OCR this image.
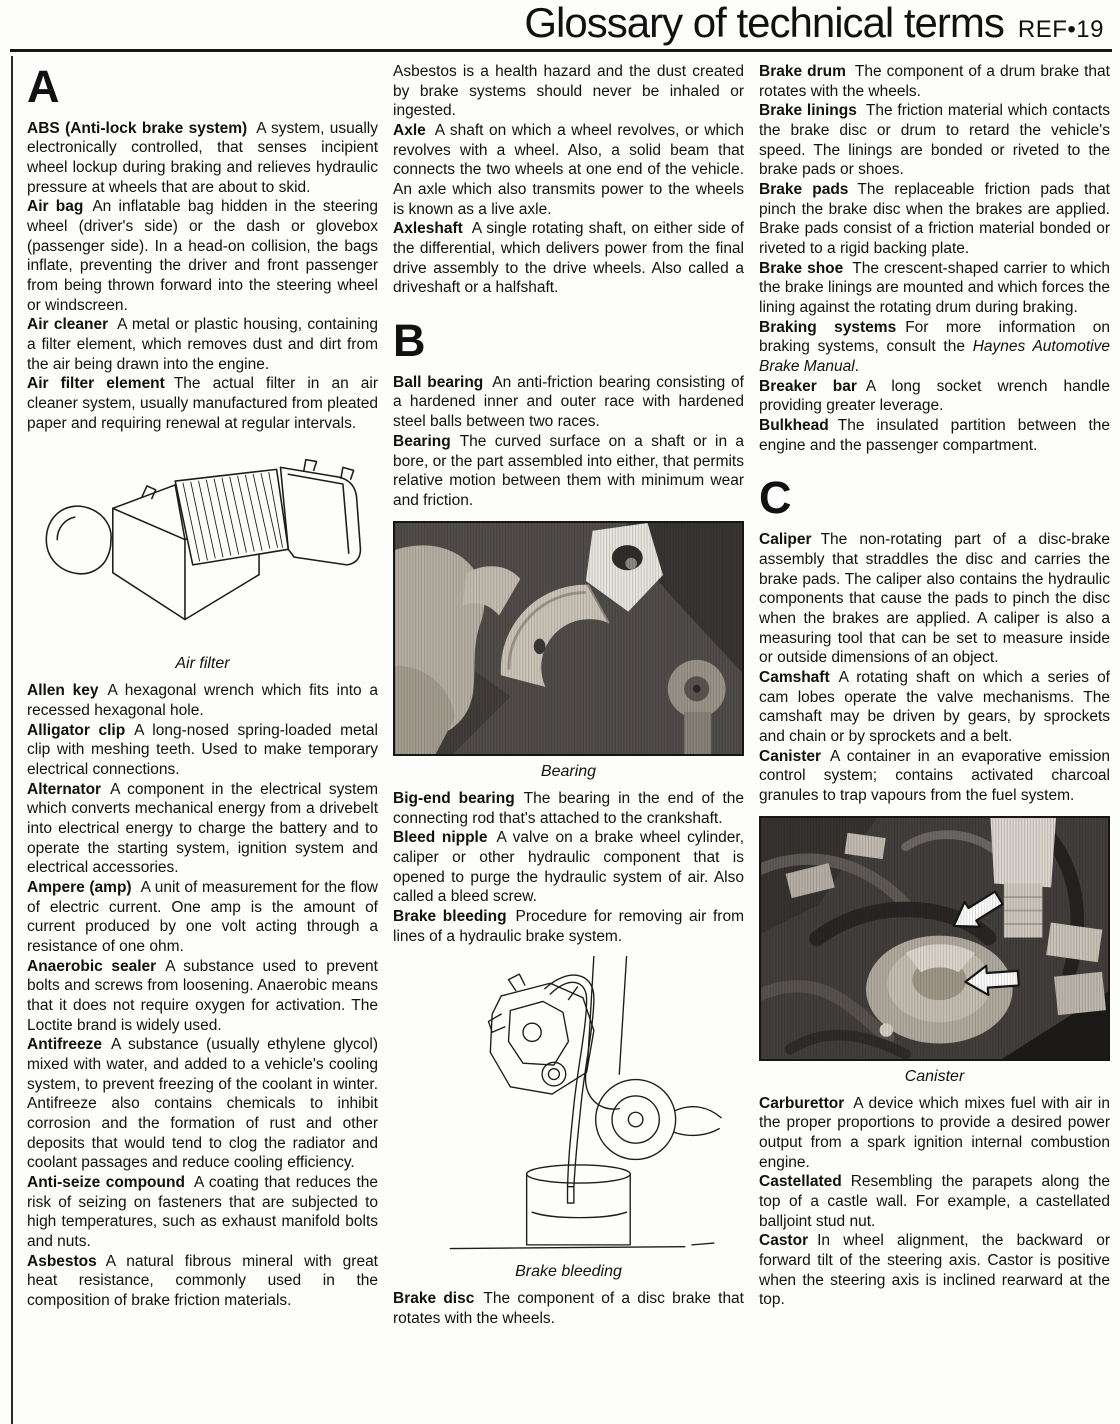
Glossary of technical terms REF•19
A

ABS (Anti-lock brake system) A system, usually electronically controlled, that senses incipient wheel lockup during braking and relieves hydraulic pressure at wheels that are about to skid.

Air bag An inflatable bag hidden in the steering wheel (driver's side) or the dash or glovebox (passenger side). In a head-on collision, the bags inflate, preventing the driver and front passenger from being thrown forward into the steering wheel or windscreen.

Air cleaner A metal or plastic housing, containing a filter element, which removes dust and dirt from the air being drawn into the engine.

Air filter element The actual filter in an air cleaner system, usually manufactured from pleated paper and requiring renewal at regular intervals.

Air filter

Allen key A hexagonal wrench which fits into a recessed hexagonal hole.

Alligator clip A long-nosed spring-loaded metal clip with meshing teeth. Used to make temporary electrical connections.

Alternator A component in the electrical system which converts mechanical energy from a drivebelt into electrical energy to charge the battery and to operate the starting system, ignition system and electrical accessories.

Ampere (amp) A unit of measurement for the flow of electric current. One amp is the amount of current produced by one volt acting through a resistance of one ohm.

Anaerobic sealer A substance used to prevent bolts and screws from loosening. Anaerobic means that it does not require oxygen for activation. The Loctite brand is widely used.

Antifreeze A substance (usually ethylene glycol) mixed with water, and added to a vehicle's cooling system, to prevent freezing of the coolant in winter. Antifreeze also contains chemicals to inhibit corrosion and the formation of rust and other deposits that would tend to clog the radiator and coolant passages and reduce cooling efficiency.

Anti-seize compound A coating that reduces the risk of seizing on fasteners that are subjected to high temperatures, such as exhaust manifold bolts and nuts.

Asbestos A natural fibrous mineral with great heat resistance, commonly used in the composition of brake friction materials.

Asbestos is a health hazard and the dust created by brake systems should never be inhaled or ingested.

Axle A shaft on which a wheel revolves, or which revolves with a wheel. Also, a solid beam that connects the two wheels at one end of the vehicle. An axle which also transmits power to the wheels is known as a live axle.

Axleshaft A single rotating shaft, on either side of the differential, which delivers power from the final drive assembly to the drive wheels. Also called a driveshaft or a halfshaft.

B

Ball bearing An anti-friction bearing consisting of a hardened inner and outer race with hardened steel balls between two races.

Bearing The curved surface on a shaft or in a bore, or the part assembled into either, that permits relative motion between them with minimum wear and friction.

Bearing

Big-end bearing The bearing in the end of the connecting rod that's attached to the crankshaft.

Bleed nipple A valve on a brake wheel cylinder, caliper or other hydraulic component that is opened to purge the hydraulic system of air. Also called a bleed screw.

Brake bleeding Procedure for removing air from lines of a hydraulic brake system.

Brake bleeding

Brake disc The component of a disc brake that rotates with the wheels.

Brake drum The component of a drum brake that rotates with the wheels.

Brake linings The friction material which contacts the brake disc or drum to retard the vehicle's speed. The linings are bonded or riveted to the brake pads or shoes.

Brake pads The replaceable friction pads that pinch the brake disc when the brakes are applied. Brake pads consist of a friction material bonded or riveted to a rigid backing plate.

Brake shoe The crescent-shaped carrier to which the brake linings are mounted and which forces the lining against the rotating drum during braking.

Braking systems For more information on braking systems, consult the Haynes Automotive Brake Manual.

Breaker bar A long socket wrench handle providing greater leverage.

Bulkhead The insulated partition between the engine and the passenger compartment.

C

Caliper The non-rotating part of a disc-brake assembly that straddles the disc and carries the brake pads. The caliper also contains the hydraulic components that cause the pads to pinch the disc when the brakes are applied. A caliper is also a measuring tool that can be set to measure inside or outside dimensions of an object.

Camshaft A rotating shaft on which a series of cam lobes operate the valve mechanisms. The camshaft may be driven by gears, by sprockets and chain or by sprockets and a belt.

Canister A container in an evaporative emission control system; contains activated charcoal granules to trap vapours from the fuel system.

Canister

Carburettor A device which mixes fuel with air in the proper proportions to provide a desired power output from a spark ignition internal combustion engine.

Castellated Resembling the parapets along the top of a castle wall. For example, a castellated balljoint stud nut.

Castor In wheel alignment, the backward or forward tilt of the steering axis. Castor is positive when the steering axis is inclined rearward at the top.
